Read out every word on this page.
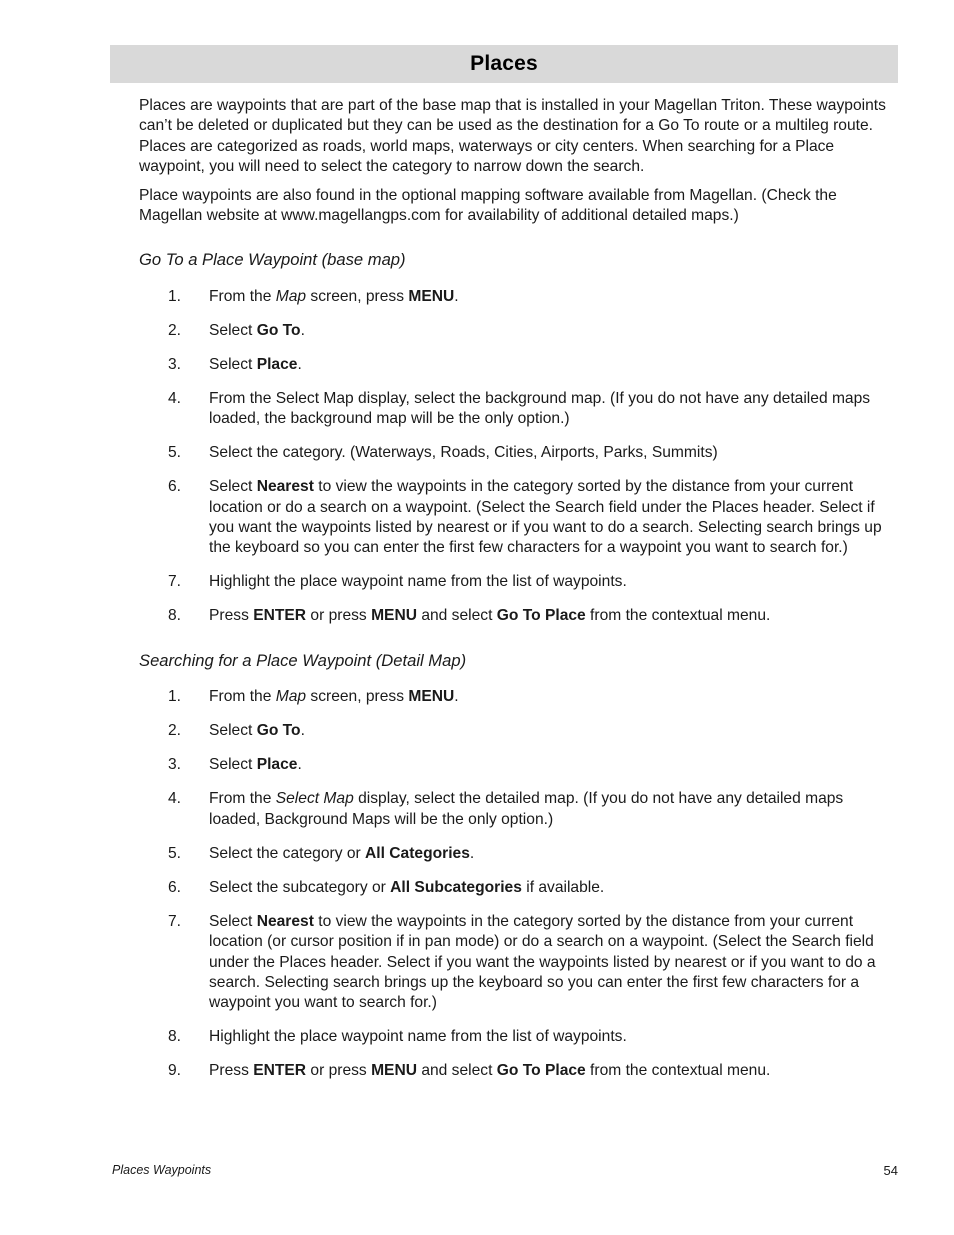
Places

Places are waypoints that are part of the base map that is installed in your Magellan Triton. These waypoints can’t be deleted or duplicated but they can be used as the destination for a Go To route or a multileg route. Places are categorized as roads, world maps, waterways or city centers. When searching for a Place waypoint, you will need to select the category to narrow down the search.

Place waypoints are also found in the optional mapping software available from Magellan. (Check the Magellan website at www.magellangps.com for availability of additional detailed maps.)

Go To a Place Waypoint (base map)
1. From the Map screen, press MENU.
2. Select Go To.
3. Select Place.
4. From the Select Map display, select the background map. (If you do not have any detailed maps loaded, the background map will be the only option.)
5. Select the category. (Waterways, Roads, Cities, Airports, Parks, Summits)
6. Select Nearest to view the waypoints in the category sorted by the distance from your current location or do a search on a waypoint. (Select the Search field under the Places header. Select if you want the waypoints listed by nearest or if you want to do a search. Selecting search brings up the keyboard so you can enter the first few characters for a waypoint you want to search for.)
7. Highlight the place waypoint name from the list of waypoints.
8. Press ENTER or press MENU and select Go To Place from the contextual menu.
Searching for a Place Waypoint (Detail Map)
1. From the Map screen, press MENU.
2. Select Go To.
3. Select Place.
4. From the Select Map display, select the detailed map. (If you do not have any detailed maps loaded, Background Maps will be the only option.)
5. Select the category or All Categories.
6. Select the subcategory or All Subcategories if available.
7. Select Nearest to view the waypoints in the category sorted by the distance from your current location (or cursor position if in pan mode) or do a search on a waypoint. (Select the Search field under the Places header. Select if you want the waypoints listed by nearest or if you want to do a search. Selecting search brings up the keyboard so you can enter the first few characters for a waypoint you want to search for.)
8. Highlight the place waypoint name from the list of waypoints.
9. Press ENTER or press MENU and select Go To Place from the contextual menu.
Places Waypoints	54
